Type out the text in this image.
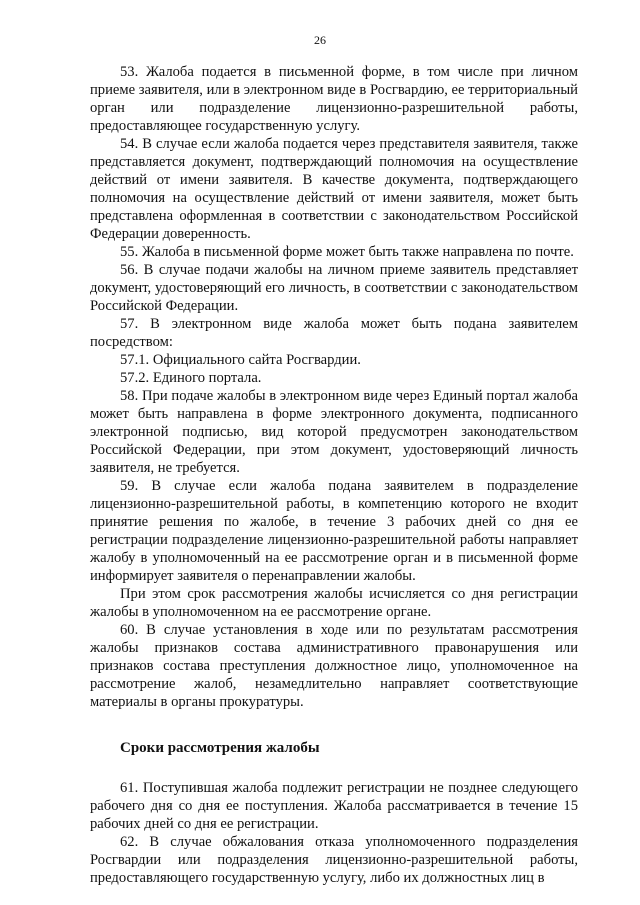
26

53. Жалоба подается в письменной форме, в том числе при личном приеме заявителя, или в электронном виде в Росгвардию, ее территориальный орган или подразделение лицензионно-разрешительной работы, предоставляющее государственную услугу.

54. В случае если жалоба подается через представителя заявителя, также представляется документ, подтверждающий полномочия на осуществление действий от имени заявителя. В качестве документа, подтверждающего полномочия на осуществление действий от имени заявителя, может быть представлена оформленная в соответствии с законодательством Российской Федерации доверенность.

55. Жалоба в письменной форме может быть также направлена по почте.

56. В случае подачи жалобы на личном приеме заявитель представляет документ, удостоверяющий его личность, в соответствии с законодательством Российской Федерации.

57. В электронном виде жалоба может быть подана заявителем посредством:

57.1. Официального сайта Росгвардии.

57.2. Единого портала.

58. При подаче жалобы в электронном виде через Единый портал жалоба может быть направлена в форме электронного документа, подписанного электронной подписью, вид которой предусмотрен законодательством Российской Федерации, при этом документ, удостоверяющий личность заявителя, не требуется.

59. В случае если жалоба подана заявителем в подразделение лицензионно-разрешительной работы, в компетенцию которого не входит принятие решения по жалобе, в течение 3 рабочих дней со дня ее регистрации подразделение лицензионно-разрешительной работы направляет жалобу в уполномоченный на ее рассмотрение орган и в письменной форме информирует заявителя о перенаправлении жалобы.

При этом срок рассмотрения жалобы исчисляется со дня регистрации жалобы в уполномоченном на ее рассмотрение органе.

60. В случае установления в ходе или по результатам рассмотрения жалобы признаков состава административного правонарушения или признаков состава преступления должностное лицо, уполномоченное на рассмотрение жалоб, незамедлительно направляет соответствующие материалы в органы прокуратуры.

Сроки рассмотрения жалобы

61. Поступившая жалоба подлежит регистрации не позднее следующего рабочего дня со дня ее поступления. Жалоба рассматривается в течение 15 рабочих дней со дня ее регистрации.

62. В случае обжалования отказа уполномоченного подразделения Росгвардии или подразделения лицензионно-разрешительной работы, предоставляющего государственную услугу, либо их должностных лиц в
